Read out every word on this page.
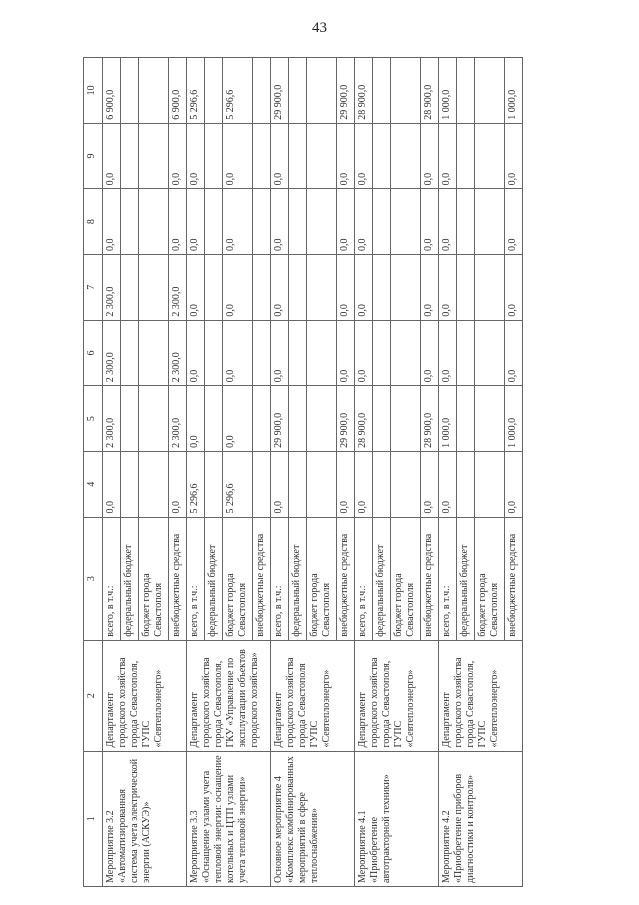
43
1	2	3	4	5	6	7	8	9	10
Мероприятие 3.2 «Автоматизированная система учета электрической энергии (АСКУЭ)»	Департамент городского хозяйства города Севастополя, ГУПС «Севтеплоэнерго»	всего, в т.ч.:	0,0	2 300,0	2 300,0	2 300,0	0,0	0,0	6 900,0
		федеральный бюджет							
		бюджет города Севастополя							
		внебюджетные средства	0,0	2 300,0	2 300,0	2 300,0	0,0	0,0	6 900,0
Мероприятие 3.3 «Оснащение узлами учета тепловой энергии: оснащение котельных и ЦТП узлами учета тепловой энергии»	Департамент городского хозяйства города Севастополя, ГКУ «Управление по эксплуатации объектов городского хозяйства»	всего, в т.ч.:	5 296,6	0,0	0,0	0,0	0,0	0,0	5 296,6
		федеральный бюджет							
		бюджет города Севастополя	5 296,6	0,0	0,0	0,0	0,0	0,0	5 296,6
		внебюджетные средства							
Основное мероприятие 4 «Комплекс комбинированных мероприятий в сфере теплоснабжения»	Департамент городского хозяйства города Севастополя ГУПС «Севтеплоэнерго»	всего, в т.ч.:	0,0	29 900,0	0,0	0,0	0,0	0,0	29 900,0
		федеральный бюджет							
		бюджет города Севастополя							
		внебюджетные средства	0,0	29 900,0	0,0	0,0	0,0	0,0	29 900,0
Мероприятие 4.1 «Приобретение автотракторной техники»	Департамент городского хозяйства города Севастополя, ГУПС «Севтеплоэнерго»	всего, в т.ч.:	0,0	28 900,0	0,0	0,0	0,0	0,0	28 900,0
		федеральный бюджет							
		бюджет города Севастополя							
		внебюджетные средства	0,0	28 900,0	0,0	0,0	0,0	0,0	28 900,0
Мероприятие 4.2 «Приобретение приборов диагностики и контроля»	Департамент городского хозяйства города Севастополя, ГУПС «Севтеплоэнерго»	всего, в т.ч.:	0,0	1 000,0	0,0	0,0	0,0	0,0	1 000,0
		федеральный бюджет							
		бюджет города Севастополя							
		внебюджетные средства	0,0	1 000,0	0,0	0,0	0,0	0,0	1 000,0
